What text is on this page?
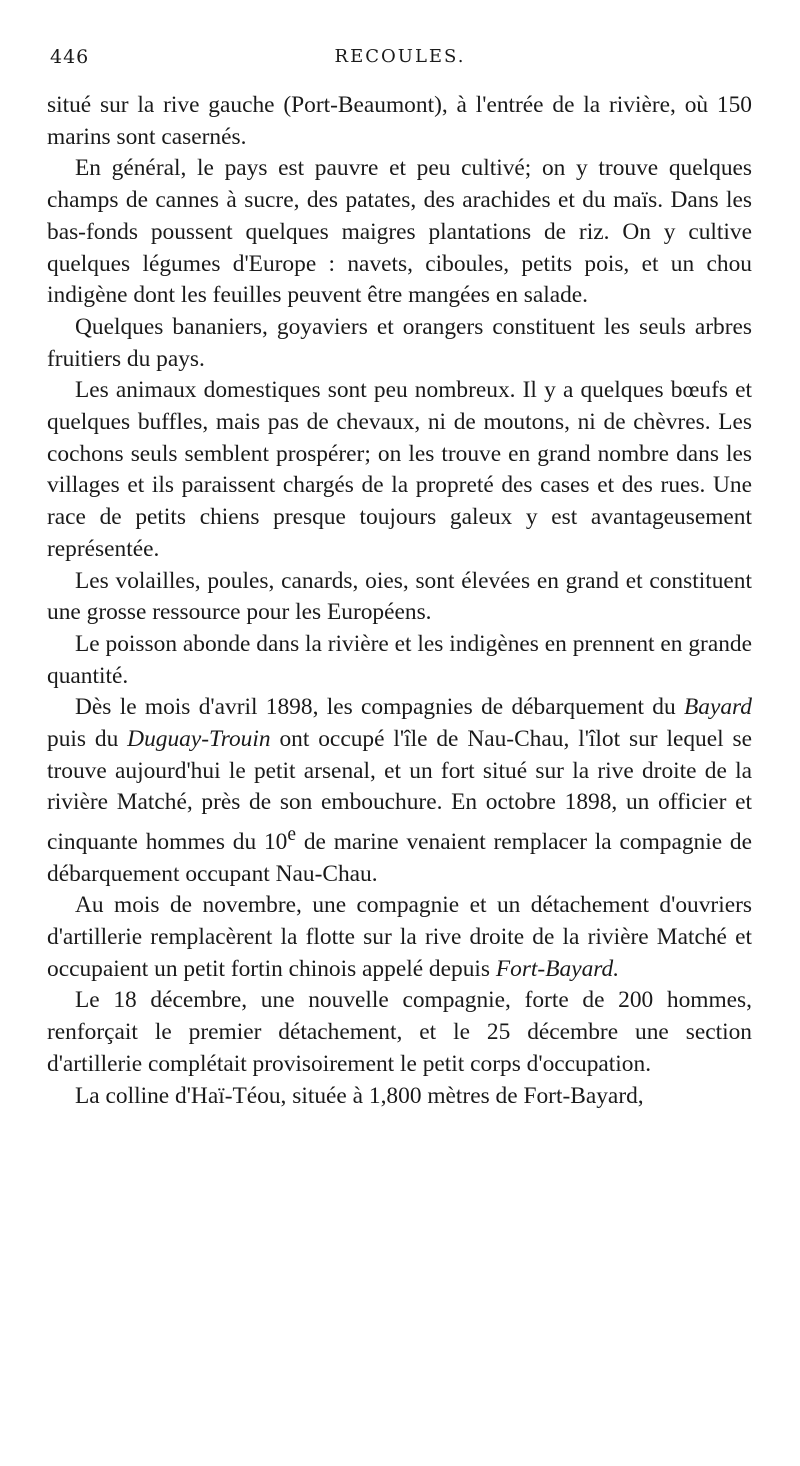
446	RECOULES.

situé sur la rive gauche (Port-Beaumont), à l'entrée de la rivière, où 150 marins sont casernés.

En général, le pays est pauvre et peu cultivé; on y trouve quelques champs de cannes à sucre, des patates, des arachides et du maïs. Dans les bas-fonds poussent quelques maigres plantations de riz. On y cultive quelques légumes d'Europe : navets, ciboules, petits pois, et un chou indigène dont les feuilles peuvent être mangées en salade.

Quelques bananiers, goyaviers et orangers constituent les seuls arbres fruitiers du pays.

Les animaux domestiques sont peu nombreux. Il y a quelques bœufs et quelques buffles, mais pas de chevaux, ni de moutons, ni de chèvres. Les cochons seuls semblent prospérer; on les trouve en grand nombre dans les villages et ils paraissent chargés de la propreté des cases et des rues. Une race de petits chiens presque toujours galeux y est avantageusement représentée.

Les volailles, poules, canards, oies, sont élevées en grand et constituent une grosse ressource pour les Européens.

Le poisson abonde dans la rivière et les indigènes en prennent en grande quantité.

Dès le mois d'avril 1898, les compagnies de débarquement du Bayard puis du Duguay-Trouin ont occupé l'île de Nau-Chau, l'îlot sur lequel se trouve aujourd'hui le petit arsenal, et un fort situé sur la rive droite de la rivière Matché, près de son embouchure. En octobre 1898, un officier et cinquante hommes du 10e de marine venaient remplacer la compagnie de débarquement occupant Nau-Chau.

Au mois de novembre, une compagnie et un détachement d'ouvriers d'artillerie remplacèrent la flotte sur la rive droite de la rivière Matché et occupaient un petit fortin chinois appelé depuis Fort-Bayard.

Le 18 décembre, une nouvelle compagnie, forte de 200 hommes, renforçait le premier détachement, et le 25 décembre une section d'artillerie complétait provisoirement le petit corps d'occupation.

La colline d'Haï-Téou, située à 1,800 mètres de Fort-Bayard,
